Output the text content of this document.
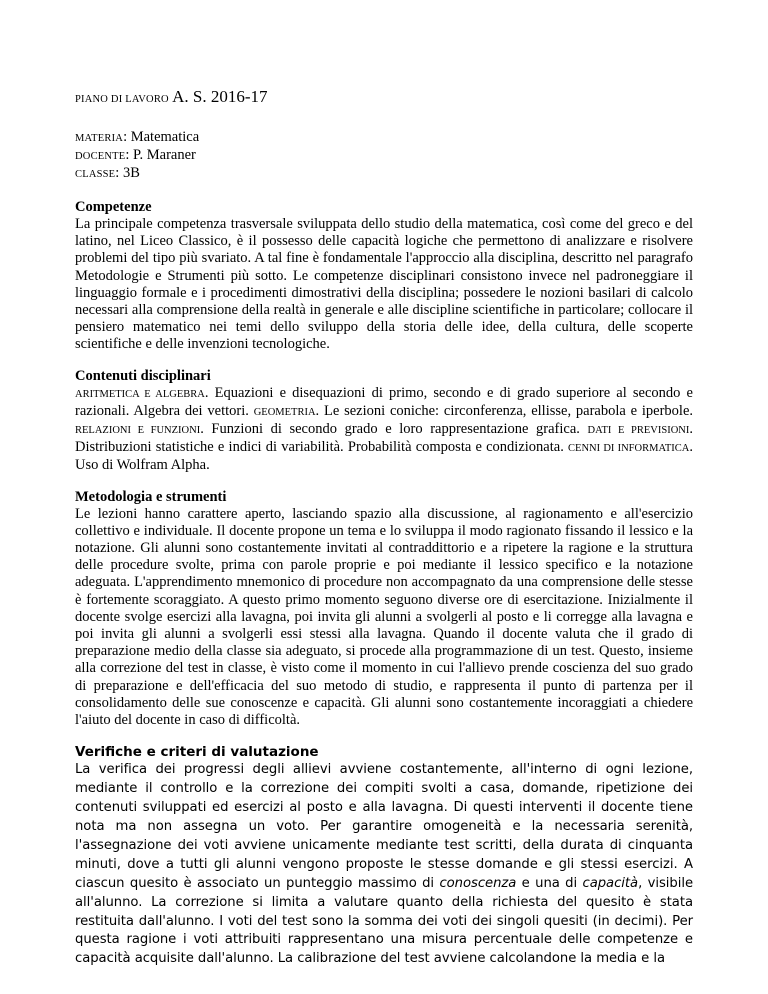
PIANO DI LAVORO A. S. 2016-17

MATERIA: Matematica

DOCENTE: P. Maraner

CLASSE: 3B

Competenze

La principale competenza trasversale sviluppata dello studio della matematica, così come del greco e del latino, nel Liceo Classico, è il possesso delle capacità logiche che permettono di analizzare e risolvere problemi del tipo più svariato. A tal fine è fondamentale l'approccio alla disciplina, descritto nel paragrafo Metodologie e Strumenti più sotto. Le competenze disciplinari consistono invece nel padroneggiare il linguaggio formale e i procedimenti dimostrativi della disciplina; possedere le nozioni basilari di calcolo necessari alla comprensione della realtà in generale e alle discipline scientifiche in particolare; collocare il pensiero matematico nei temi dello sviluppo della storia delle idee, della cultura, delle scoperte scientifiche e delle invenzioni tecnologiche.

Contenuti disciplinari

ARITMETICA E ALGEBRA. Equazioni e disequazioni di primo, secondo e di grado superiore al secondo e razionali. Algebra dei vettori. GEOMETRIA. Le sezioni coniche: circonferenza, ellisse, parabola e iperbole. RELAZIONI E FUNZIONI. Funzioni di secondo grado e loro rappresentazione grafica. DATI E PREVISIONI. Distribuzioni statistiche e indici di variabilità. Probabilità composta e condizionata. CENNI DI INFORMATICA. Uso di Wolfram Alpha.

Metodologia e strumenti

Le lezioni hanno carattere aperto, lasciando spazio alla discussione, al ragionamento e all'esercizio collettivo e individuale. Il docente propone un tema e lo sviluppa il modo ragionato fissando il lessico e la notazione. Gli alunni sono costantemente invitati al contraddittorio e a ripetere la ragione e la struttura delle procedure svolte, prima con parole proprie e poi mediante il lessico specifico e la notazione adeguata. L'apprendimento mnemonico di procedure non accompagnato da una comprensione delle stesse è fortemente scoraggiato. A questo primo momento seguono diverse ore di esercitazione. Inizialmente il docente svolge esercizi alla lavagna, poi invita gli alunni a svolgerli al posto e li corregge alla lavagna e poi invita gli alunni a svolgerli essi stessi alla lavagna. Quando il docente valuta che il grado di preparazione medio della classe sia adeguato, si procede alla programmazione di un test. Questo, insieme alla correzione del test in classe, è visto come il momento in cui l'allievo prende coscienza del suo grado di preparazione e dell'efficacia del suo metodo di studio, e rappresenta il punto di partenza per il consolidamento delle sue conoscenze e capacità. Gli alunni sono costantemente incoraggiati a chiedere l'aiuto del docente in caso di difficoltà.

Verifiche e criteri di valutazione

La verifica dei progressi degli allievi avviene costantemente, all'interno di ogni lezione, mediante il controllo e la correzione dei compiti svolti a casa, domande, ripetizione dei contenuti sviluppati ed esercizi al posto e alla lavagna. Di questi interventi il docente tiene nota ma non assegna un voto. Per garantire omogeneità e la necessaria serenità, l'assegnazione dei voti avviene unicamente mediante test scritti, della durata di cinquanta minuti, dove a tutti gli alunni vengono proposte le stesse domande e gli stessi esercizi. A ciascun quesito è associato un punteggio massimo di conoscenza e una di capacità, visibile all'alunno. La correzione si limita a valutare quanto della richiesta del quesito è stata restituita dall'alunno. I voti del test sono la somma dei voti dei singoli quesiti (in decimi). Per questa ragione i voti attribuiti rappresentano una misura percentuale delle competenze e capacità acquisite dall'alunno. La calibrazione del test avviene calcolandone la media e la
